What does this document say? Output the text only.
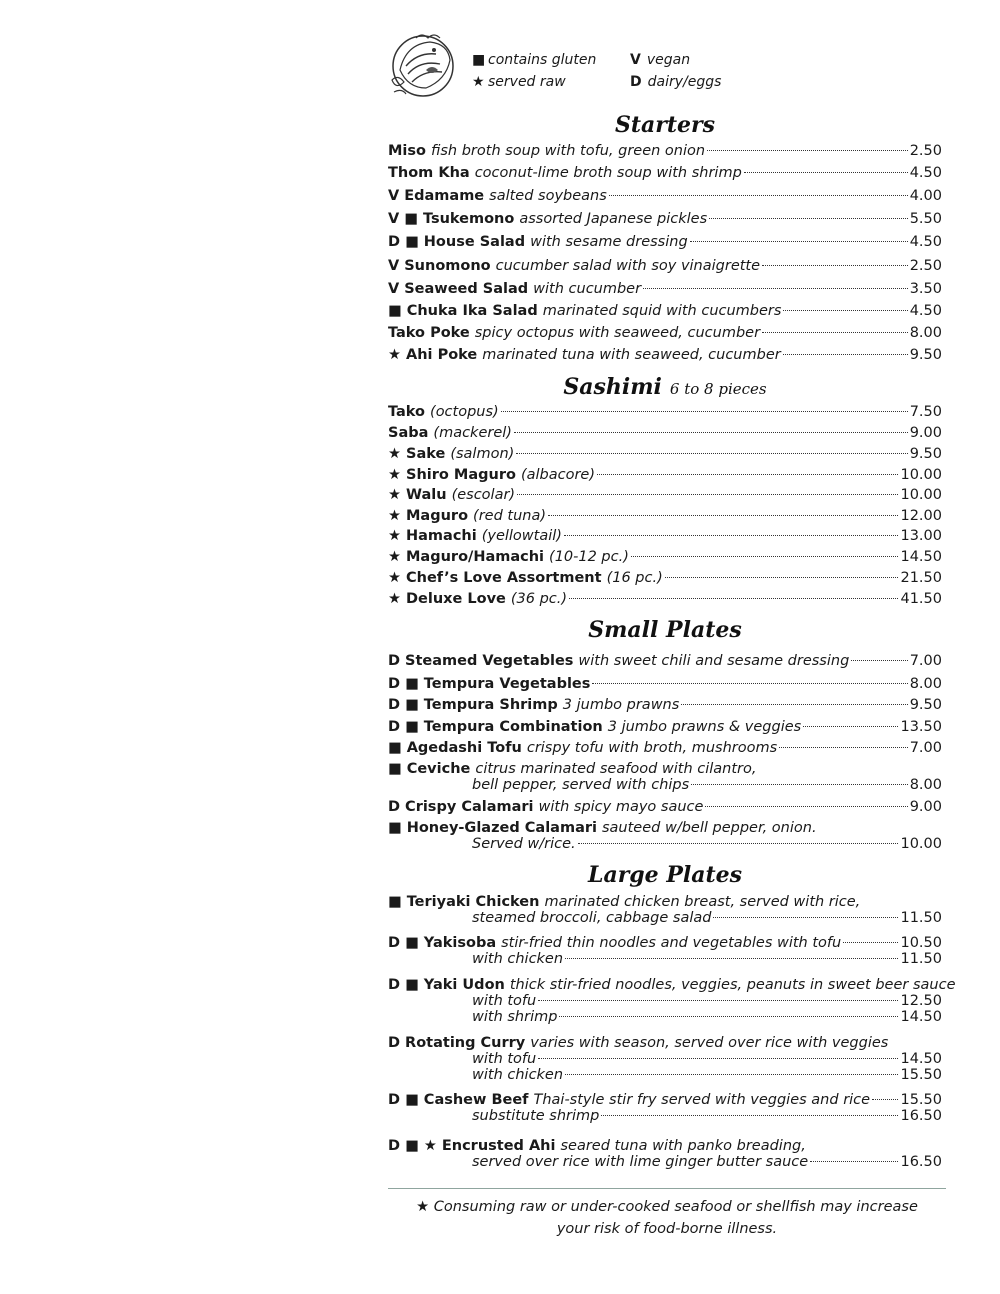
■ contains gluten
★ served raw
V vegan
D dairy/eggs
Starters
Sashimi 6 to 8 pieces
Small Plates
Large Plates
Miso fish broth soup with tofu, green onion	2.50
Thom Kha coconut-lime broth soup with shrimp	4.50
V Edamame salted soybeans	4.00
V ■ Tsukemono assorted Japanese pickles	5.50
D ■ House Salad with sesame dressing	4.50
V Sunomono cucumber salad with soy vinaigrette	2.50
V Seaweed Salad with cucumber	3.50
■ Chuka Ika Salad marinated squid with cucumbers	4.50
Tako Poke spicy octopus with seaweed, cucumber	8.00
★ Ahi Poke marinated tuna with seaweed, cucumber	9.50
Tako (octopus)	7.50
Saba (mackerel)	9.00
★ Sake (salmon)	9.50
★ Shiro Maguro (albacore)	10.00
★ Walu (escolar)	10.00
★ Maguro (red tuna)	12.00
★ Hamachi (yellowtail)	13.00
★ Maguro/Hamachi (10-12 pc.)	14.50
★ Chef’s Love Assortment (16 pc.)	21.50
★ Deluxe Love (36 pc.)	41.50
D Steamed Vegetables with sweet chili and sesame dressing	7.00
D ■ Tempura Vegetables	8.00
D ■ Tempura Shrimp 3 jumbo prawns	9.50
D ■ Tempura Combination 3 jumbo prawns & veggies	13.50
■ Agedashi Tofu crispy tofu with broth, mushrooms	7.00
■ Ceviche citrus marinated seafood with cilantro,
bell pepper, served with chips	8.00
D Crispy Calamari with spicy mayo sauce	9.00
■ Honey-Glazed Calamari sauteed w/bell pepper, onion.
Served w/rice.	10.00
■ Teriyaki Chicken marinated chicken breast, served with rice,
steamed broccoli, cabbage salad	11.50
D ■ Yakisoba stir-fried thin noodles and vegetables with tofu	10.50
with chicken	11.50
D ■ Yaki Udon thick stir-fried noodles, veggies, peanuts in sweet beer sauce
with tofu	12.50
with shrimp	14.50
D Rotating Curry varies with season, served over rice with veggies
with tofu	14.50
with chicken	15.50
D ■ Cashew Beef Thai-style stir fry served with veggies and rice 15.50
substitute shrimp	16.50
D ■ ★ Encrusted Ahi seared tuna with panko breading,
served over rice with lime ginger butter sauce	16.50
★ Consuming raw or under-cooked seafood or shellfish may increase
your risk of food-borne illness.
